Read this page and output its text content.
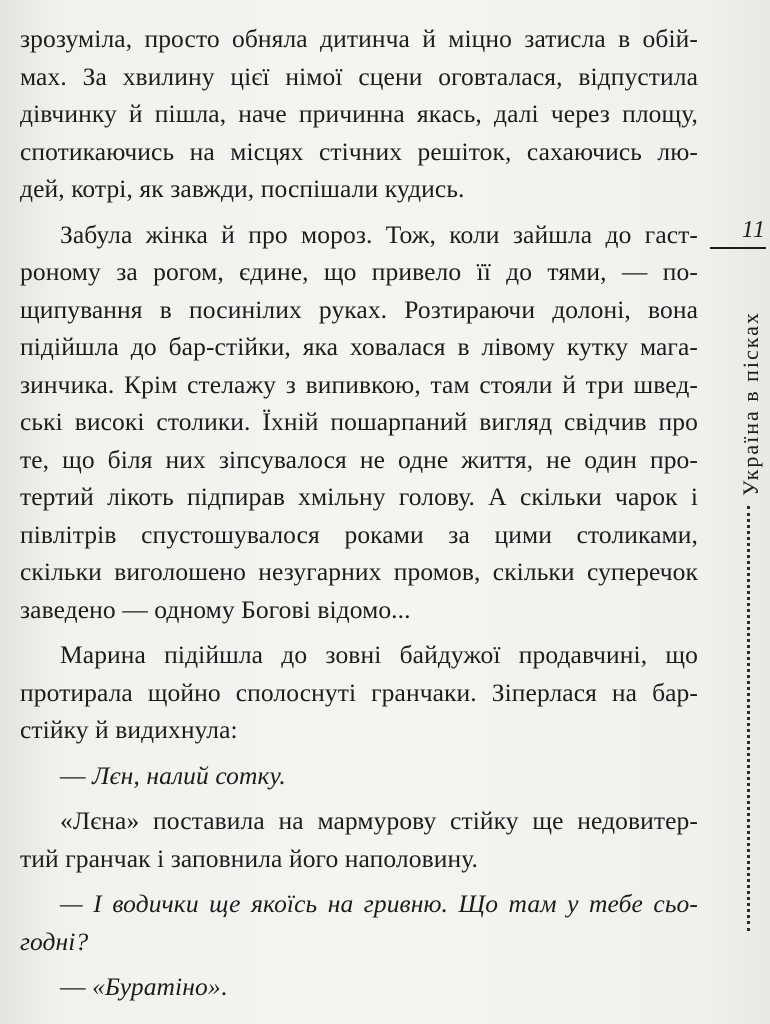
зрозуміла, просто обняла дитинча й міцно затисла в обій-
мах. За хвилину цієї німої сцени оговталася, відпустила
дівчинку й пішла, наче причинна якась, далі через площу,
спотикаючись на місцях стічних решіток, сахаючись лю-
дей, котрі, як завжди, поспішали кудись.

Забула жінка й про мороз. Тож, коли зайшла до гаст-
роному за рогом, єдине, що привело її до тями, — по-
щипування в посинілих руках. Розтираючи долоні, вона
підійшла до бар-стійки, яка ховалася в лівому кутку мага-
зинчика. Крім стелажу з випивкою, там стояли й три швед-
ські високі столики. Їхній пошарпаний вигляд свідчив про
те, що біля них зіпсувалося не одне життя, не один про-
тертий лікоть підпирав хмільну голову. А скільки чарок і
півлітрів спустошувалося роками за цими столиками,
скільки виголошено незугарних промов, скільки суперечок
заведено — одному Богові відомо...

Марина підійшла до зовні байдужої продавчині, що
протирала щойно сполоснуті гранчаки. Зіперлася на бар-
стійку й видихнула:

— Лєн, налий сотку.

«Лєна» поставила на мармурову стійку ще недовитер-
тий гранчак і заповнила його наполовину.

— І водички ще якоїсь на гривню. Що там у тебе сьо-
годні?

— «Буратіно».

11
Україна в пісках
